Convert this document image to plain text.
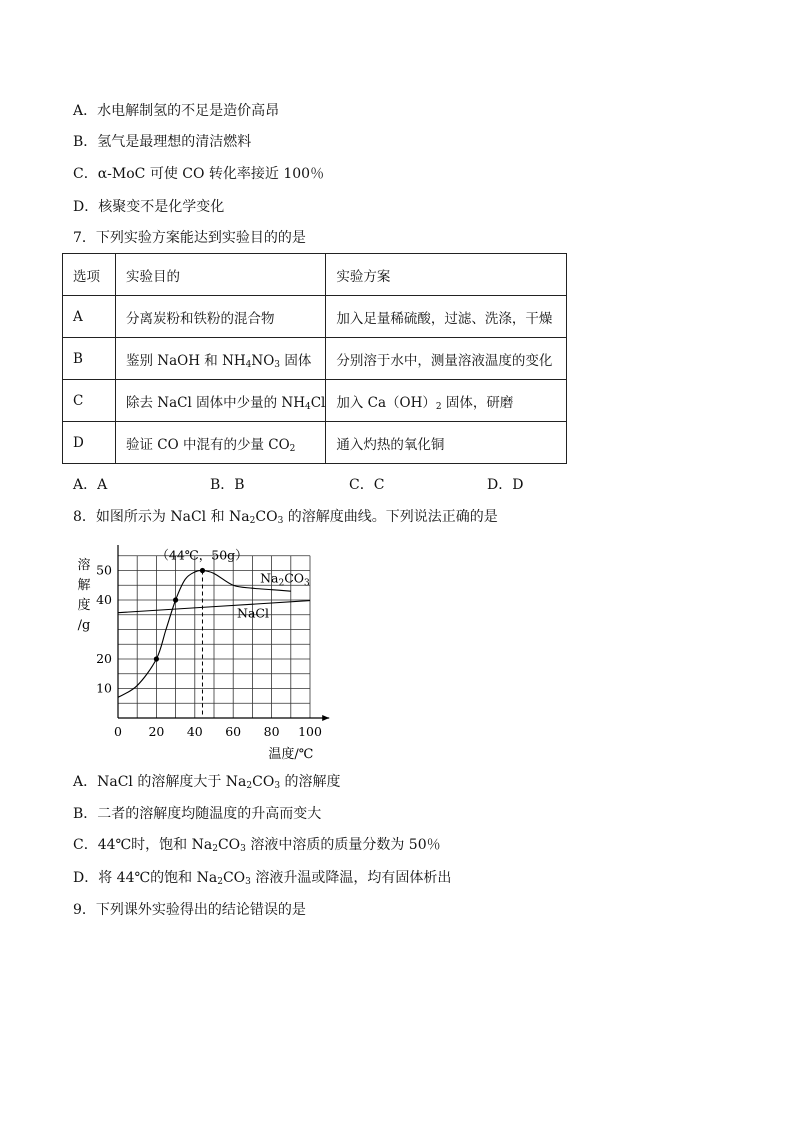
A．水电解制氢的不足是造价高昂
B．氢气是最理想的清洁燃料
C．α-MoC 可使 CO 转化率接近 100％
D．核聚变不是化学变化
7．下列实验方案能达到实验目的的是
选项	实验目的	实验方案
A	分离炭粉和铁粉的混合物	加入足量稀硫酸，过滤、洗涤，干燥
B	鉴别 NaOH 和 $NH_4NO_3$ 固体	分别溶于水中，测量溶液温度的变化
C	除去 NaCl 固体中少量的 $NH_4Cl$	加入 $Ca(OH)_2$ 固体，研磨
D	验证 CO 中混有的少量 $CO_2$	通入灼热的氧化铜
A．A	B．B	C．C	D．D
8．如图所示为 NaCl 和 $Na_2CO_3$ 的溶解度曲线。下列说法正确的是
0 20 40 60 80 100
10
20
40
50
溶
解
度
/g
温度/℃
（44℃，50g）
$Na_2CO_3$
NaCl
A．NaCl 的溶解度大于 $Na_2CO_3$ 的溶解度
B．二者的溶解度均随温度的升高而变大
C．44℃时，饱和 $Na_2CO_3$ 溶液中溶质的质量分数为 50％
D．将 44℃的饱和 $Na_2CO_3$ 溶液升温或降温，均有固体析出
9．下列课外实验得出的结论错误的是
